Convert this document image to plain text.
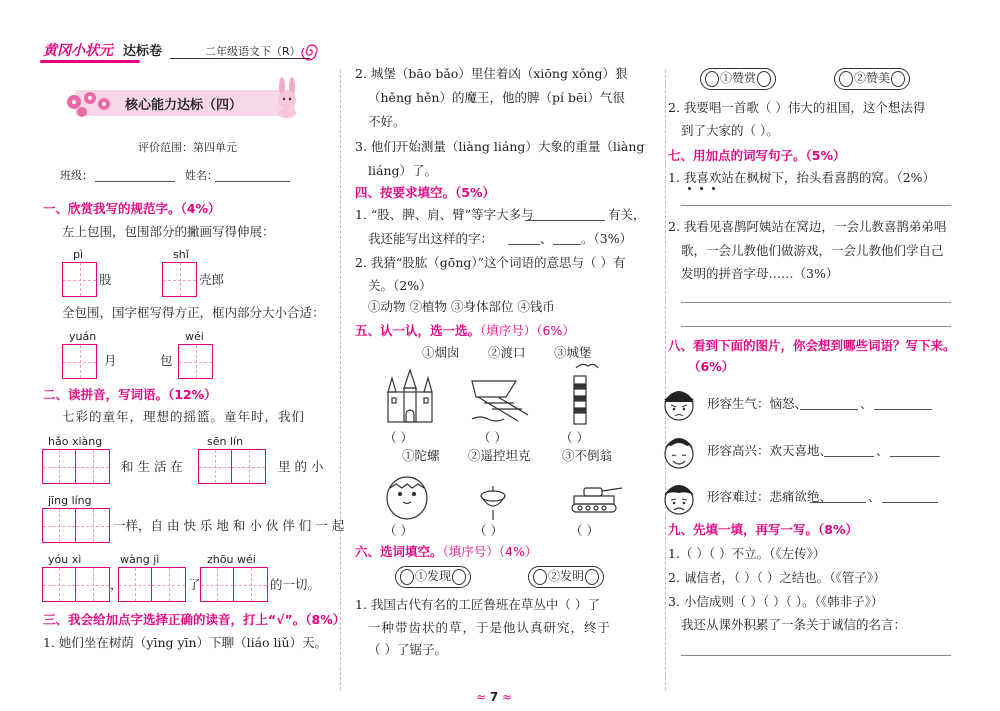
黄冈小状元 达标卷	二年级语文下（R）
核心能力达标（四）
评价范围：第四单元
班级：	姓名：
一、欣赏我写的规范字。（4%）
左上包围，包围部分的撇画写得伸展：
pì
股
shǐ
壳郎
全包围，国字框写得方正，框内部分大小合适：
yuán
月
wéi
包
二、读拼音，写词语。（12%）
七彩的童年，理想的摇篮。童年时，我们
hǎo xiàng
和 生 活 在
sēn lín
里 的 小
jīng líng
一样，自 由 快 乐 地 和 小 伙 伴 们 一 起
yóu xì
，
wàng jì
了
zhōu wéi
的一切。
三、我会给加点字选择正确的读音，打上“√”。（8%）
1. 她们坐在树荫（yīng yīn）下聊（liáo liǔ）天。
2. 城堡（bāo bǎo）里住着凶（xiōng xǒng）狠
（hěng hěn）的魔王，他的脾（pí bēi）气很
不好。
3. 他们开始测量（liàng liáng）大象的重量（liàng
liáng）了。
四、按要求填空。（5%）
1. “股、脾、肩、臂”等字大多与	有关，
我还能写出这样的字：	、 。（3%）
2. 我猜“股肱（gōng）”这个词语的意思与（ ）有
关。（2%）
①动物 ②植物 ③身体部位 ④钱币
五、认一认，选一选。（填序号）（6%）
①烟囱 ②渡口 ③城堡
（ ）	（ ）	（ ）
①陀螺 ②遥控坦克	③不倒翁
（ ）	（ ）	（ ）
六、选词填空。（填序号）（4%）
①发现	②发明
1. 我国古代有名的工匠鲁班在草丛中（ ）了
一种带齿状的草，于是他认真研究，终于
（ ）了锯子。
≈ 7 ≈
①赞赏	②赞美
2. 我要唱一首歌（ ）伟大的祖国，这个想法得
到了大家的（ ）。
七、用加点的词写句子。（5%）
1. 我喜欢站在枫树下，抬头看喜鹊的窝。（2%）
2. 我看见喜鹊阿姨站在窝边，一会儿教喜鹊弟弟唱
歌，一会儿教他们做游戏，一会儿教他们学自己
发明的拼音字母……（3%）
八、看到下面的图片，你会想到哪些词语？写下来。
（6%）
形容生气：恼怒、	、
形容高兴：欢天喜地、	、
形容难过：悲痛欲绝、	、
九、先填一填，再写一写。（8%）
1.（ ）（ ）不立。（《左传》）
2. 诚信者，（ ）（ ）之结也。（《管子》）
3. 小信成则（ ）（ ）（ ）。（《韩非子》）
我还从课外积累了一条关于诚信的名言：
